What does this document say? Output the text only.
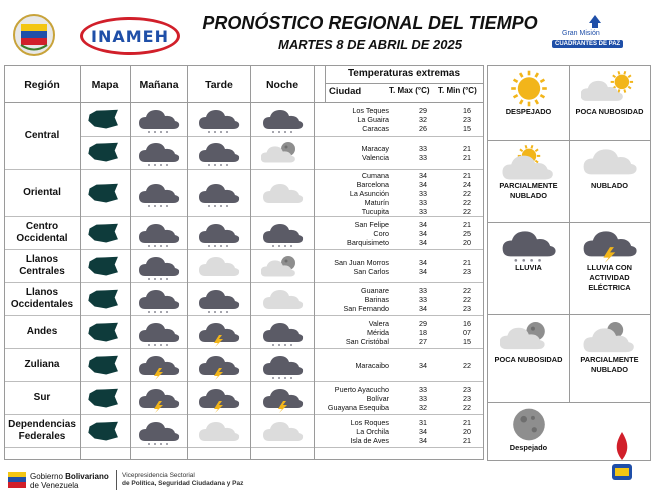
INAMEH
PRONÓSTICO REGIONAL DEL TIEMPO
MARTES 8 DE ABRIL DE 2025
Gran Misión
CUADRANTES DE PAZ
Región	Mapa	Mañana	Tarde	Noche
Temperaturas extremas
Ciudad	T. Max (°C) T. Min (°C)
Central
Los Teques	29	16
La Guaira	32	23
Caracas	26	15
Maracay	33	21
Valencia	33	21
Oriental
Cumana	34	21
Barcelona	34	24
La Asunción	33	22
Maturín	33	22
Tucupita	33	22
Centro Occidental
San Felipe	34	21
Coro	34	25
Barquisimeto	34	20
Llanos Centrales
San Juan Morros	34	21
San Carlos	34	23
Llanos Occidentales
Guanare	33	22
Barinas	33	22
San Fernando	34	23
Andes
Valera	29	16
Mérida	18	07
San Cristóbal	27	15
Zuliana	Maracaibo	34	22
Sur
Puerto Ayacucho	33	23
Bolívar	33	23
Guayana Esequiba	32	22
Dependencias Federales
Los Roques	31	21
La Orchila	34	20
Isla de Aves	34	21
DESPEJADO	POCA NUBOSIDAD
PARCIALMENTE NUBLADO
NUBLADO
LLUVIA	LLUVIA CON ACTIVIDAD ELÉCTRICA
POCA NUBOSIDAD	PARCIALMENTE NUBLADO
Despejado
Gobierno Bolivariano
de Venezuela
Vicepresidencia Sectorial
de Política, Seguridad Ciudadana y Paz
